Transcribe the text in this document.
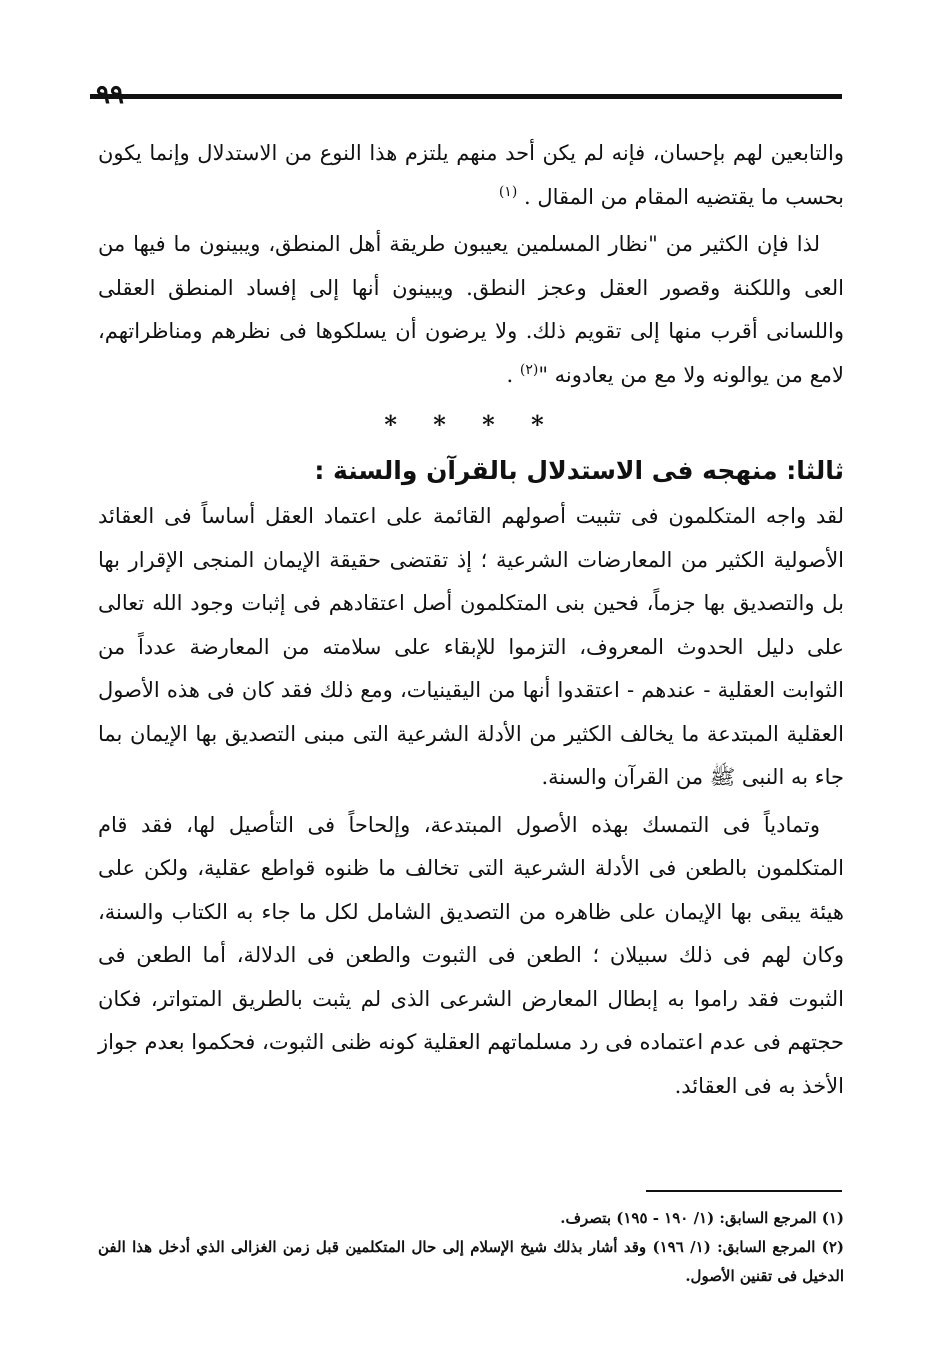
والتابعين لهم بإحسان، فإنه لم يكن أحد منهم يلتزم هذا النوع من الاستدلال وإنما يكون بحسب ما يقتضيه المقام من المقال . $^{(١)}$

لذا فإن الكثير من "نظار المسلمين يعيبون طريقة أهل المنطق، ويبينون ما فيها من العى واللكنة وقصور العقل وعجز النطق. ويبينون أنها إلى إفساد المنطق العقلى واللسانى أقرب منها إلى تقويم ذلك. ولا يرضون أن يسلكوها فى نظرهم ومناظراتهم، لامع من يوالونه ولا مع من يعادونه "$^{(٢)}$ .

* * * *
ثالثا: منهجه فى الاستدلال بالقرآن والسنة :

لقد واجه المتكلمون فى تثبيت أصولهم القائمة على اعتماد العقل أساساً فى العقائد الأصولية الكثير من المعارضات الشرعية ؛ إذ تقتضى حقيقة الإيمان المنجى الإقرار بها بل والتصديق بها جزماً، فحين بنى المتكلمون أصل اعتقادهم فى إثبات وجود الله تعالى على دليل الحدوث المعروف، التزموا للإبقاء على سلامته من المعارضة عدداً من الثوابت العقلية - عندهم - اعتقدوا أنها من اليقينيات، ومع ذلك فقد كان فى هذه الأصول العقلية المبتدعة ما يخالف الكثير من الأدلة الشرعية التى مبنى التصديق بها الإيمان بما جاء به النبى ﷺ من القرآن والسنة.

وتمادياً فى التمسك بهذه الأصول المبتدعة، وإلحاحاً فى التأصيل لها، فقد قام المتكلمون بالطعن فى الأدلة الشرعية التى تخالف ما ظنوه قواطع عقلية، ولكن على هيئة يبقى بها الإيمان على ظاهره من التصديق الشامل لكل ما جاء به الكتاب والسنة، وكان لهم فى ذلك سبيلان ؛ الطعن فى الثبوت والطعن فى الدلالة، أما الطعن فى الثبوت فقد راموا به إبطال المعارض الشرعى الذى لم يثبت بالطريق المتواتر، فكان حجتهم فى عدم اعتماده فى رد مسلماتهم العقلية كونه ظنى الثبوت، فحكموا بعدم جواز الأخذ به فى العقائد.

(١) المرجع السابق: (١/ ١٩٠ - ١٩٥) بتصرف.

(٢) المرجع السابق: (١/ ١٩٦) وقد أشار بذلك شيخ الإسلام إلى حال المتكلمين قبل زمن الغزالى الذي أدخل هذا الفن الدخيل فى تقنين الأصول.
